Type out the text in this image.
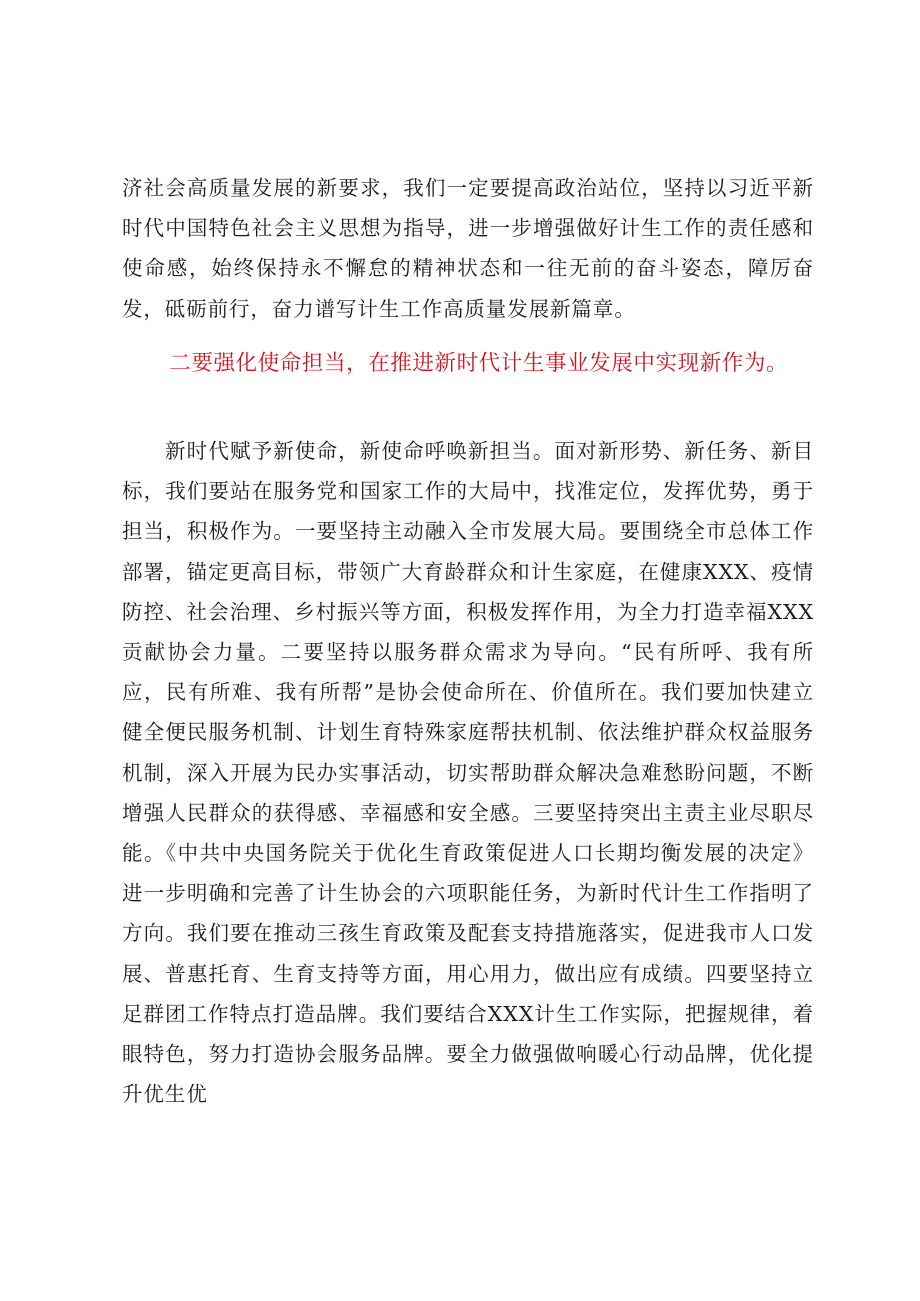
济社会高质量发展的新要求，我们一定要提高政治站位，坚持以习近平新时代中国特色社会主义思想为指导，进一步增强做好计生工作的责任感和使命感，始终保持永不懈怠的精神状态和一往无前的奋斗姿态，障厉奋发，砥砺前行，奋力谱写计生工作高质量发展新篇章。

二要强化使命担当，在推进新时代计生事业发展中实现新作为。

新时代赋予新使命，新使命呼唤新担当。面对新形势、新任务、新目标，我们要站在服务党和国家工作的大局中，找准定位，发挥优势，勇于担当，积极作为。一要坚持主动融入全市发展大局。要围绕全市总体工作部署，锚定更高目标，带领广大育龄群众和计生家庭，在健康XXX、疫情防控、社会治理、乡村振兴等方面，积极发挥作用，为全力打造幸福XXX贡献协会力量。二要坚持以服务群众需求为导向。“民有所呼、我有所应，民有所难、我有所帮”是协会使命所在、价值所在。我们要加快建立健全便民服务机制、计划生育特殊家庭帮扶机制、依法维护群众权益服务机制，深入开展为民办实事活动，切实帮助群众解决急难愁盼问题，不断增强人民群众的获得感、幸福感和安全感。三要坚持突出主责主业尽职尽能。《中共中央国务院关于优化生育政策促进人口长期均衡发展的决定》进一步明确和完善了计生协会的六项职能任务，为新时代计生工作指明了方向。我们要在推动三孩生育政策及配套支持措施落实，促进我市人口发展、普惠托育、生育支持等方面，用心用力，做出应有成绩。四要坚持立足群团工作特点打造品牌。我们要结合XXX计生工作实际，把握规律，着眼特色，努力打造协会服务品牌。要全力做强做响暖心行动品牌，优化提升优生优
